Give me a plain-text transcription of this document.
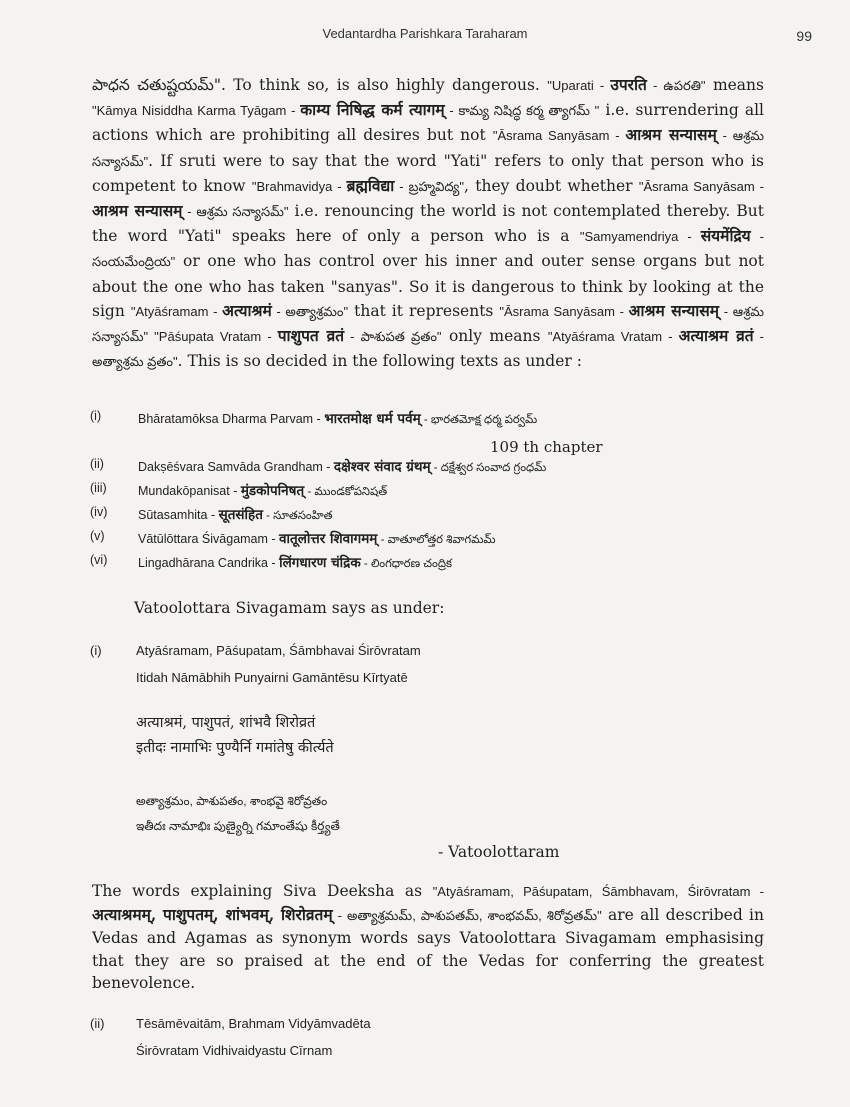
Vedantardha Parishkara Taraharam	99
పాధన చతుష్టయమ్". To think so, is also highly dangerous. "Uparati - उपरति - ఉపరతి" means "Kāmya Nisiddha Karma Tyāgam - काम्य निषिद्ध कर्म त्यागम् - కామ్య నిషిద్ధ కర్మ త్యాగమ్ " i.e. surrendering all actions which are prohibiting all desires but not "Āsrama Sanyāsam - आश्रम सन्यासम् - ఆశ్రమ సన్యాసమ్". If sruti were to say that the word "Yati" refers to only that person who is competent to know "Brahmavidya - ब्रह्मविद्या - బ్రహ్మవిద్య", they doubt whether "Āsrama Sanyāsam - आश्रम सन्यासम् - ఆశ్రమ సన్యాసమ్" i.e. renouncing the world is not contemplated thereby. But the word "Yati" speaks here of only a person who is a "Samyamendriya - संयमेंद्रिय - సంయమేంద్రియ" or one who has control over his inner and outer sense organs but not about the one who has taken "sanyas". So it is dangerous to think by looking at the sign "Atyāśramam - अत्याश्रमं - అత్యాశ్రమం" that it represents "Āsrama Sanyāsam - आश्रम सन्यासम् - ఆశ్రమ సన్యాసమ్" "Pāśupata Vratam - पाशुपत व्रतं - పాశుపత వ్రతం" only means "Atyāśrama Vratam - अत्याश्रम व्रतं - అత్యాశ్రమ వ్రతం". This is so decided in the following texts as under :
(i)	Bhāratamōksa Dharma Parvam - भारतमोक्ष धर्म पर्वम् - భారతమోక్ష ధర్మ పర్వమ్
(ii)	Dakṣēśvara Samvāda Grandham - दक्षेश्वर संवाद ग्रंथम् - దక్షేశ్వర సంవాద గ్రంధమ్
(iii)	Mundakōpanisat - मुंडकोपनिषत् - ముండకోపనిషత్
(iv)	Sūtasamhita - सूतसंहित - సూతసంహిత
(v)	Vātūlōttara Śivāgamam - वातूलोत्तर शिवागमम् - వాతూలోత్తర శివాగమమ్
(vi)	Lingadhārana Candrika - लिंगधारण चंद्रिक - లింగధారణ చంద్రిక
109 th chapter
Vatoolottara Sivagamam says as under:
(i)	Atyāśramam, Pāśupatam, Śāmbhavai Śirōvratam
Itidah Nāmābhih Punyairni Gamāntēsu Kīrtyatē
अत्याश्रमं, पाशुपतं, शांभवै शिरोव्रतं
इतीदः नामाभिः पुण्यैर्नि गमांतेषु कीर्त्यते
అత్యాశ్రమం, పాశుపతం, శాంభవై శిరోవ్రతం
ఇతీదః నామాభిః పుణ్యైర్ని గమాంతేషు కీర్త్యతే
- Vatoolottaram
The words explaining Siva Deeksha as "Atyāśramam, Pāśupatam, Śāmbhavam, Śirōvratam - अत्याश्रमम्, पाशुपतम्, शांभवम्, शिरोव्रतम् - అత్యాశ్రమమ్, పాశుపతమ్, శాంభవమ్, శిరోవ్రతమ్" are all described in Vedas and Agamas as synonym words says Vatoolottara Sivagamam emphasising that they are so praised at the end of the Vedas for conferring the greatest benevolence.
(ii) Tēsāmēvaitām, Brahmam Vidyāmvadēta
Śirōvratam Vidhivaidyastu Cīrnam
